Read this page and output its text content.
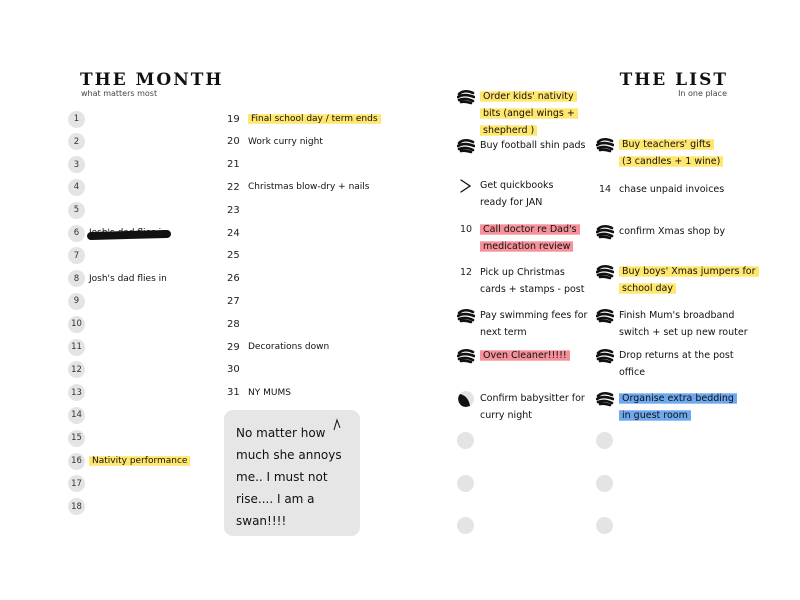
THE MONTH
what matters most
THE LIST
In one place
1
2
3
4
5
6
7
8	Josh's dad flies in
9
10
11
12
13
14
15
16	Nativity performance
17
18
19	Final school day / term ends
20 Work curry night
21
22 Christmas blow-dry + nails
23
24
25
26
27
28
29 Decorations down
30
31 NY MUMS
No matter how
much she annoys
me.. I must not
rise.... I am a
swan!!!!
Order kids' nativity
bits (angel wings +
shepherd )
Buy football shin pads
Get quickbooks
ready for JAN
10	Call doctor re Dad's
medication review
12 Pick up Christmas
cards + stamps - post
Pay swimming fees for
next term
Oven Cleaner!!!!!
Confirm babysitter for
curry night
Buy teachers' gifts
(3 candles + 1 wine)
14 chase unpaid invoices
confirm Xmas shop by
Buy boys' Xmas jumpers for
school day
Finish Mum's broadband
switch + set up new router
Drop returns at the post
office
Organise extra bedding
in guest room
